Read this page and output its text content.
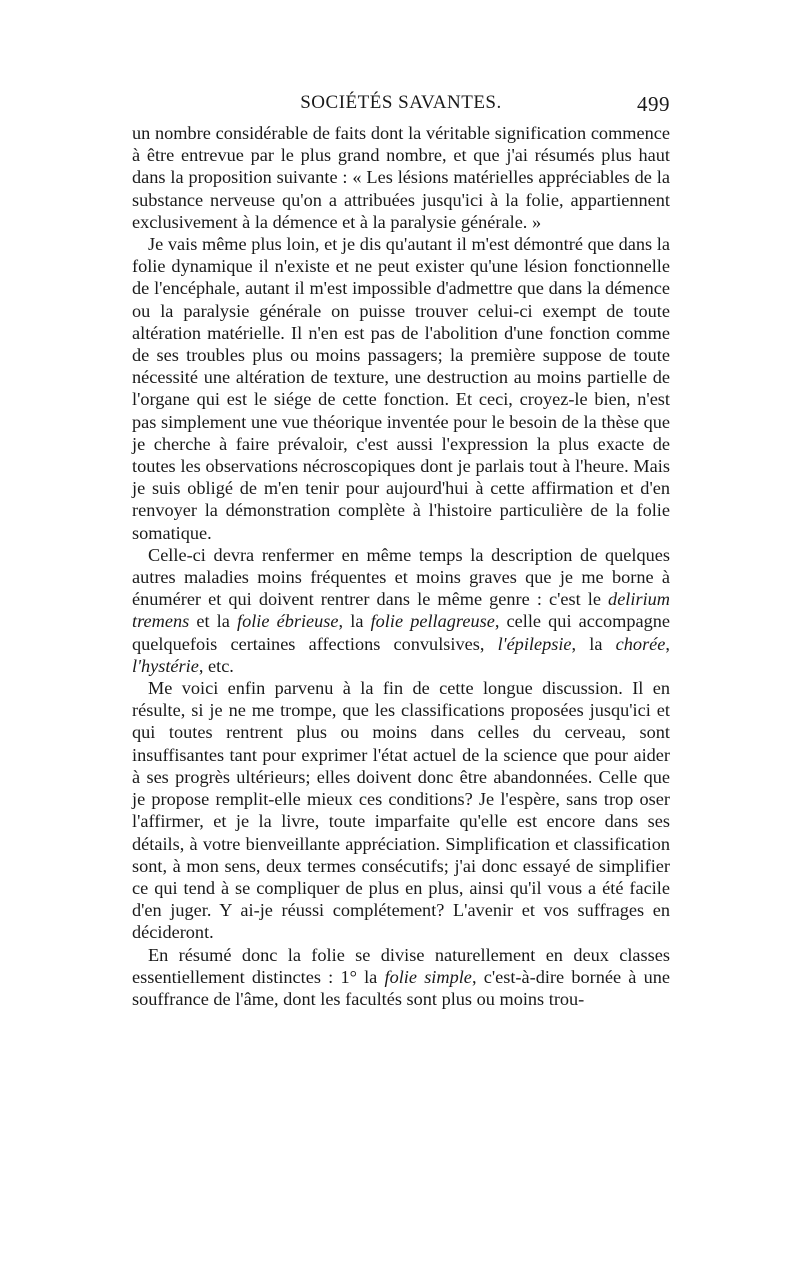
SOCIÉTÉS SAVANTES.	499

un nombre considérable de faits dont la véritable signification commence à être entrevue par le plus grand nombre, et que j'ai résumés plus haut dans la proposition suivante : « Les lésions matérielles appréciables de la substance nerveuse qu'on a attribuées jusqu'ici à la folie, appartiennent exclusivement à la démence et à la paralysie générale. »

Je vais même plus loin, et je dis qu'autant il m'est démontré que dans la folie dynamique il n'existe et ne peut exister qu'une lésion fonctionnelle de l'encéphale, autant il m'est impossible d'admettre que dans la démence ou la paralysie générale on puisse trouver celui-ci exempt de toute altération matérielle. Il n'en est pas de l'abolition d'une fonction comme de ses troubles plus ou moins passagers; la première suppose de toute nécessité une altération de texture, une destruction au moins partielle de l'organe qui est le siége de cette fonction. Et ceci, croyez-le bien, n'est pas simplement une vue théorique inventée pour le besoin de la thèse que je cherche à faire prévaloir, c'est aussi l'expression la plus exacte de toutes les observations nécroscopiques dont je parlais tout à l'heure. Mais je suis obligé de m'en tenir pour aujourd'hui à cette affirmation et d'en renvoyer la démonstration complète à l'histoire particulière de la folie somatique.

Celle-ci devra renfermer en même temps la description de quelques autres maladies moins fréquentes et moins graves que je me borne à énumérer et qui doivent rentrer dans le même genre : c'est le delirium tremens et la folie ébrieuse, la folie pellagreuse, celle qui accompagne quelquefois certaines affections convulsives, l'épilepsie, la chorée, l'hystérie, etc.

Me voici enfin parvenu à la fin de cette longue discussion. Il en résulte, si je ne me trompe, que les classifications proposées jusqu'ici et qui toutes rentrent plus ou moins dans celles du cerveau, sont insuffisantes tant pour exprimer l'état actuel de la science que pour aider à ses progrès ultérieurs; elles doivent donc être abandonnées. Celle que je propose remplit-elle mieux ces conditions? Je l'espère, sans trop oser l'affirmer, et je la livre, toute imparfaite qu'elle est encore dans ses détails, à votre bienveillante appréciation. Simplification et classification sont, à mon sens, deux termes consécutifs; j'ai donc essayé de simplifier ce qui tend à se compliquer de plus en plus, ainsi qu'il vous a été facile d'en juger. Y ai-je réussi complétement? L'avenir et vos suffrages en décideront.

En résumé donc la folie se divise naturellement en deux classes essentiellement distinctes : 1° la folie simple, c'est-à-dire bornée à une souffrance de l'âme, dont les facultés sont plus ou moins trou-
